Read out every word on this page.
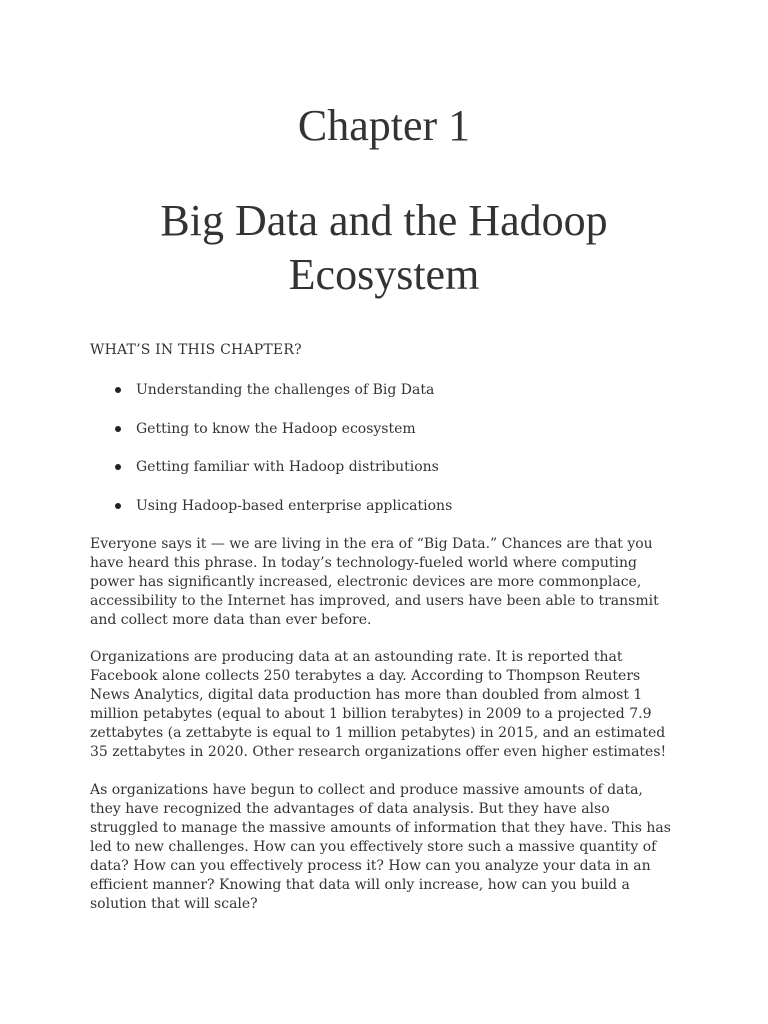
Chapter 1
Big Data and the Hadoop
Ecosystem
WHAT’S IN THIS CHAPTER?
Understanding the challenges of Big Data
Getting to know the Hadoop ecosystem
Getting familiar with Hadoop distributions
Using Hadoop-based enterprise applications
Everyone says it — we are living in the era of “Big Data.” Chances are that you
have heard this phrase. In today’s technology-fueled world where computing
power has significantly increased, electronic devices are more commonplace,
accessibility to the Internet has improved, and users have been able to transmit
and collect more data than ever before.
Organizations are producing data at an astounding rate. It is reported that
Facebook alone collects 250 terabytes a day. According to Thompson Reuters
News Analytics, digital data production has more than doubled from almost 1
million petabytes (equal to about 1 billion terabytes) in 2009 to a projected 7.9
zettabytes (a zettabyte is equal to 1 million petabytes) in 2015, and an estimated
35 zettabytes in 2020. Other research organizations offer even higher estimates!
As organizations have begun to collect and produce massive amounts of data,
they have recognized the advantages of data analysis. But they have also
struggled to manage the massive amounts of information that they have. This has
led to new challenges. How can you effectively store such a massive quantity of
data? How can you effectively process it? How can you analyze your data in an
efficient manner? Knowing that data will only increase, how can you build a
solution that will scale?
